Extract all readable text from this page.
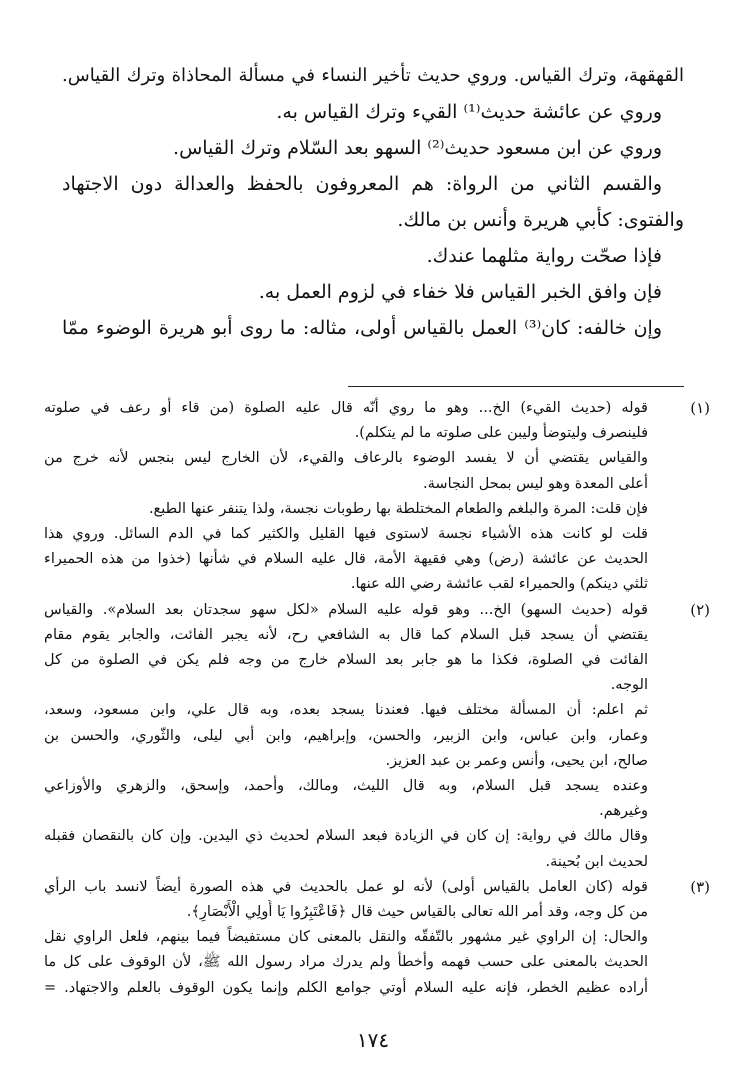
القهقهة، وترك القياس. وروي حديث تأخير النساء في مسألة المحاذاة وترك القياس.
وروي عن عائشة حديث⁽¹⁾ القيء وترك القياس به.
وروي عن ابن مسعود حديث⁽²⁾ السهو بعد السّلام وترك القياس.
والقسم الثاني من الرواة: هم المعروفون بالحفظ والعدالة دون الاجتهاد
والفتوى: كأبي هريرة وأنس بن مالك.
فإذا صحّت رواية مثلهما عندك.
فإن وافق الخبر القياس فلا خفاء في لزوم العمل به.
وإن خالفه: كان⁽³⁾ العمل بالقياس أولى، مثاله: ما روى أبو هريرة الوضوء ممّا
(١)
قوله (حديث القيء) الخ... وهو ما روي أنّه قال عليه الصلوة (من قاء أو رعف في صلوته
فلينصرف وليتوضأ وليبن على صلوته ما لم يتكلم).
والقياس يقتضي أن لا يفسد الوضوء بالرعاف والقيء، لأن الخارج ليس بنجس لأنه خرج من
أعلى المعدة وهو ليس بمحل النجاسة.
فإن قلت: المرة والبلغم والطعام المختلطة بها رطوبات نجسة، ولذا يتنفر عنها الطبع.
قلت لو كانت هذه الأشياء نجسة لاستوى فيها القليل والكثير كما في الدم السائل. وروي هذا
الحديث عن عائشة (رض) وهي فقيهة الأمة، قال عليه السلام في شأنها (خذوا من هذه الحميراء
ثلثي دينكم) والحميراء لقب عائشة رضي الله عنها.
(٢)
قوله (حديث السهو) الخ... وهو قوله عليه السلام «لكل سهو سجدتان بعد السلام». والقياس
يقتضي أن يسجد قبل السلام كما قال به الشافعي رح، لأنه يجبر الفائت، والجابر يقوم مقام
الفائت في الصلوة، فكذا ما هو جابر بعد السلام خارج من وجه فلم يكن في الصلوة من كل
الوجه.
ثم اعلم: أن المسألة مختلف فيها. فعندنا يسجد بعده، وبه قال علي، وابن مسعود، وسعد،
وعمار، وابن عباس، وابن الزبير، والحسن، وإبراهيم، وابن أبي ليلى، والثّوري، والحسن بن
صالح، ابن يحيى، وأنس وعمر بن عبد العزيز.
وعنده يسجد قبل السلام، وبه قال الليث، ومالك، وأحمد، وإسحق، والزهري والأوزاعي
وغيرهم.
وقال مالك في رواية: إن كان في الزيادة فبعد السلام لحديث ذي اليدين. وإن كان بالنقصان فقبله
لحديث ابن بُحينة.
(٣)
قوله (كان العامل بالقياس أولى) لأنه لو عمل بالحديث في هذه الصورة أيضاً لانسد باب الرأي
من كل وجه، وقد أمر الله تعالى بالقياس حيث قال ﴿فَاعْتَبِرُوا يَا أُولِي الْأَبْصَارِ﴾.
والحال: إن الراوي غير مشهور بالتّفقّه والنقل بالمعنى كان مستفيضاً فيما بينهم، فلعل الراوي نقل
الحديث بالمعنى على حسب فهمه وأخطأ ولم يدرك مراد رسول الله ﷺ، لأن الوقوف على كل ما
أراده عظيم الخطر، فإنه عليه السلام أوتي جوامع الكلم وإنما يكون الوقوف بالعلم والاجتهاد. =
١٧٤
